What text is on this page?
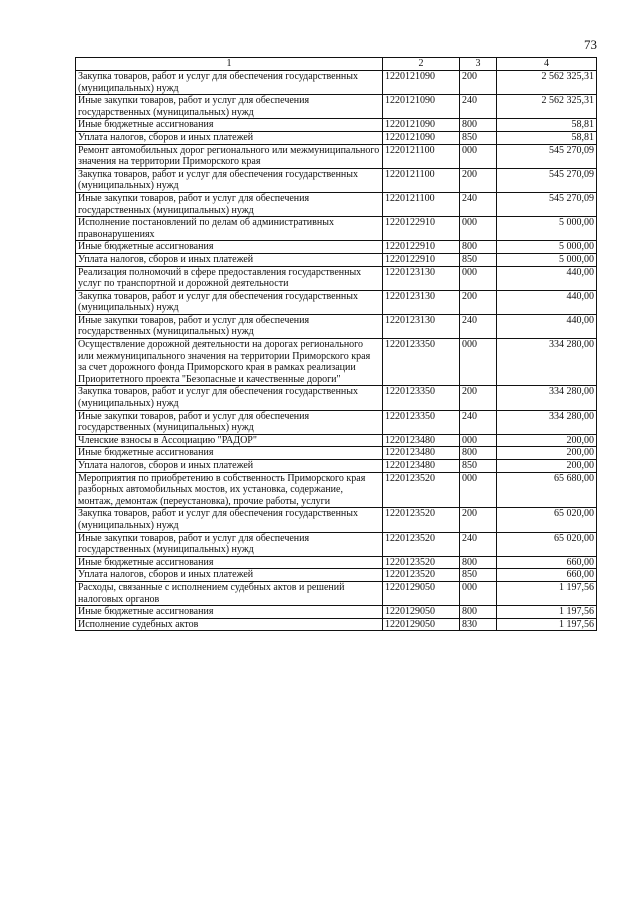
73
1	2	3	4
Закупка товаров, работ и услуг для обеспечения государственных (муниципальных) нужд	1220121090	200	2 562 325,31
Иные закупки товаров, работ и услуг для обеспечения государственных (муниципальных) нужд	1220121090	240	2 562 325,31
Иные бюджетные ассигнования	1220121090	800	58,81
Уплата налогов, сборов и иных платежей	1220121090	850	58,81
Ремонт автомобильных дорог регионального или межмуниципального значения на территории Приморского края	1220121100	000	545 270,09
Закупка товаров, работ и услуг для обеспечения государственных (муниципальных) нужд	1220121100	200	545 270,09
Иные закупки товаров, работ и услуг для обеспечения государственных (муниципальных) нужд	1220121100	240	545 270,09
Исполнение постановлений по делам об административных правонарушениях	1220122910	000	5 000,00
Иные бюджетные ассигнования	1220122910	800	5 000,00
Уплата налогов, сборов и иных платежей	1220122910	850	5 000,00
Реализация полномочий в сфере предоставления государственных услуг по транспортной и дорожной деятельности	1220123130	000	440,00
Закупка товаров, работ и услуг для обеспечения государственных (муниципальных) нужд	1220123130	200	440,00
Иные закупки товаров, работ и услуг для обеспечения государственных (муниципальных) нужд	1220123130	240	440,00
Осуществление дорожной деятельности на дорогах регионального или межмуниципального значения на территории Приморского края за счет дорожного фонда Приморского края в рамках реализации Приоритетного проекта "Безопасные и качественные дороги"	1220123350	000	334 280,00
Закупка товаров, работ и услуг для обеспечения государственных (муниципальных) нужд	1220123350	200	334 280,00
Иные закупки товаров, работ и услуг для обеспечения государственных (муниципальных) нужд	1220123350	240	334 280,00
Членские взносы в Ассоциацию "РАДОР"	1220123480	000	200,00
Иные бюджетные ассигнования	1220123480	800	200,00
Уплата налогов, сборов и иных платежей	1220123480	850	200,00
Мероприятия по приобретению в собственность Приморского края разборных автомобильных мостов, их установка, содержание, монтаж, демонтаж (переустановка), прочие работы, услуги	1220123520	000	65 680,00
Закупка товаров, работ и услуг для обеспечения государственных (муниципальных) нужд	1220123520	200	65 020,00
Иные закупки товаров, работ и услуг для обеспечения государственных (муниципальных) нужд	1220123520	240	65 020,00
Иные бюджетные ассигнования	1220123520	800	660,00
Уплата налогов, сборов и иных платежей	1220123520	850	660,00
Расходы, связанные с исполнением судебных актов и решений налоговых органов	1220129050	000	1 197,56
Иные бюджетные ассигнования	1220129050	800	1 197,56
Исполнение судебных актов	1220129050	830	1 197,56
